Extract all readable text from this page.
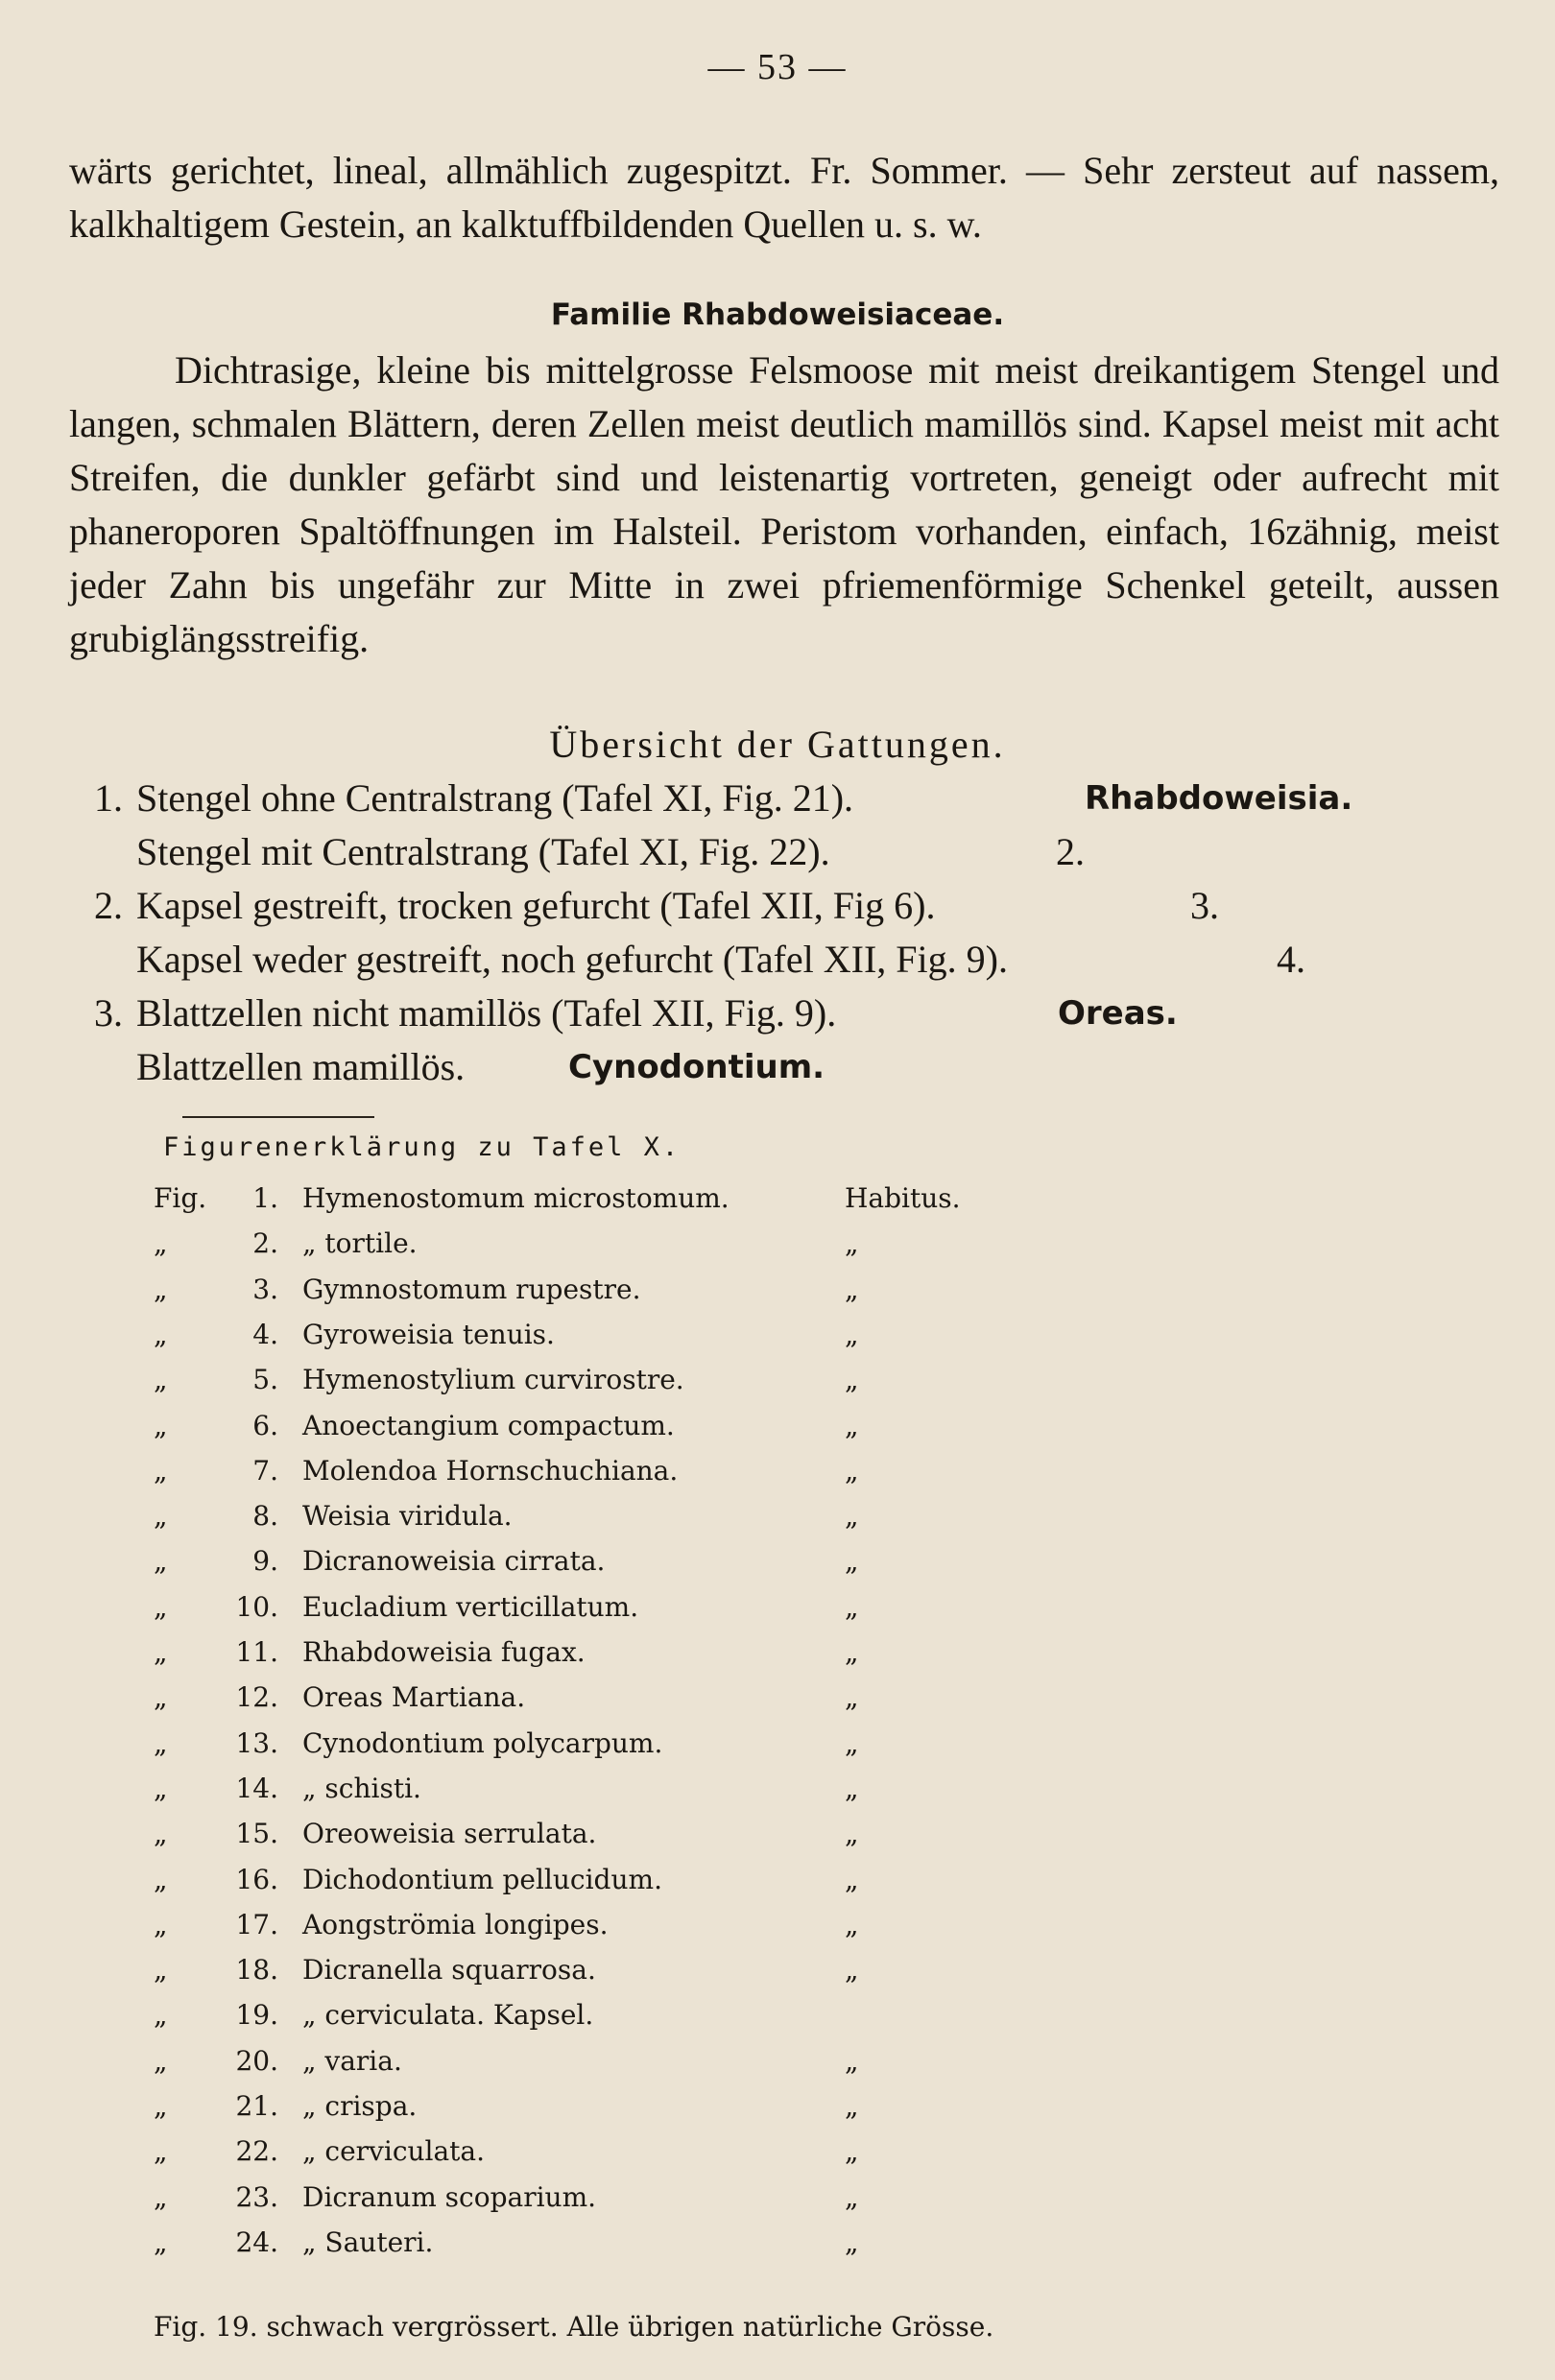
— 53 —
wärts gerichtet, lineal, allmählich zugespitzt. Fr. Sommer. — Sehr zersteut auf nassem, kalkhaltigem Gestein, an kalktuffbildenden Quellen u. s. w.
Familie Rhabdoweisiaceae.
Dichtrasige, kleine bis mittelgrosse Felsmoose mit meist dreikantigem Stengel und langen, schmalen Blättern, deren Zellen meist deutlich mamillös sind. Kapsel meist mit acht Streifen, die dunkler gefärbt sind und leistenartig vortreten, geneigt oder aufrecht mit phaneroporen Spaltöffnungen im Halsteil. Peristom vorhanden, einfach, 16zähnig, meist jeder Zahn bis ungefähr zur Mitte in zwei pfriemenförmige Schenkel geteilt, aussen grubiglängsstreifig.
Übersicht der Gattungen.
1. Stengel ohne Centralstrang (Tafel XI, Fig. 21).	Rhabdoweisia.
Stengel mit Centralstrang (Tafel XI, Fig. 22).	2.
2. Kapsel gestreift, trocken gefurcht (Tafel XII, Fig 6).	3.
Kapsel weder gestreift, noch gefurcht (Tafel XII, Fig. 9).	4.
3. Blattzellen nicht mamillös (Tafel XII, Fig. 9).	Oreas.
Blattzellen mamillös.	Cynodontium.
Figurenerklärung zu Tafel X.
Fig.	1. Hymenostomum microstomum.	Habitus.
„	2. „ tortile.	„
„	3. Gymnostomum rupestre.	„
„	4. Gyroweisia tenuis.	„
„	5. Hymenostylium curvirostre.	„
„	6. Anoectangium compactum.	„
„	7. Molendoa Hornschuchiana.	„
„	8. Weisia viridula.	„
„	9. Dicranoweisia cirrata.	„
„	10. Eucladium verticillatum.	„
„	11. Rhabdoweisia fugax.	„
„	12. Oreas Martiana.	„
„	13. Cynodontium polycarpum.	„
„	14. „ schisti.	„
„	15. Oreoweisia serrulata.	„
„	16. Dichodontium pellucidum.	„
„	17. Aongströmia longipes.	„
„	18. Dicranella squarrosa.	„
„	19. „ cerviculata. Kapsel.
„	20. „ varia.	„
„	21. „ crispa.	„
„	22. „ cerviculata.	„
„	23. Dicranum scoparium.	„
„	24. „ Sauteri.	„
Fig. 19. schwach vergrössert. Alle übrigen natürliche Grösse.
